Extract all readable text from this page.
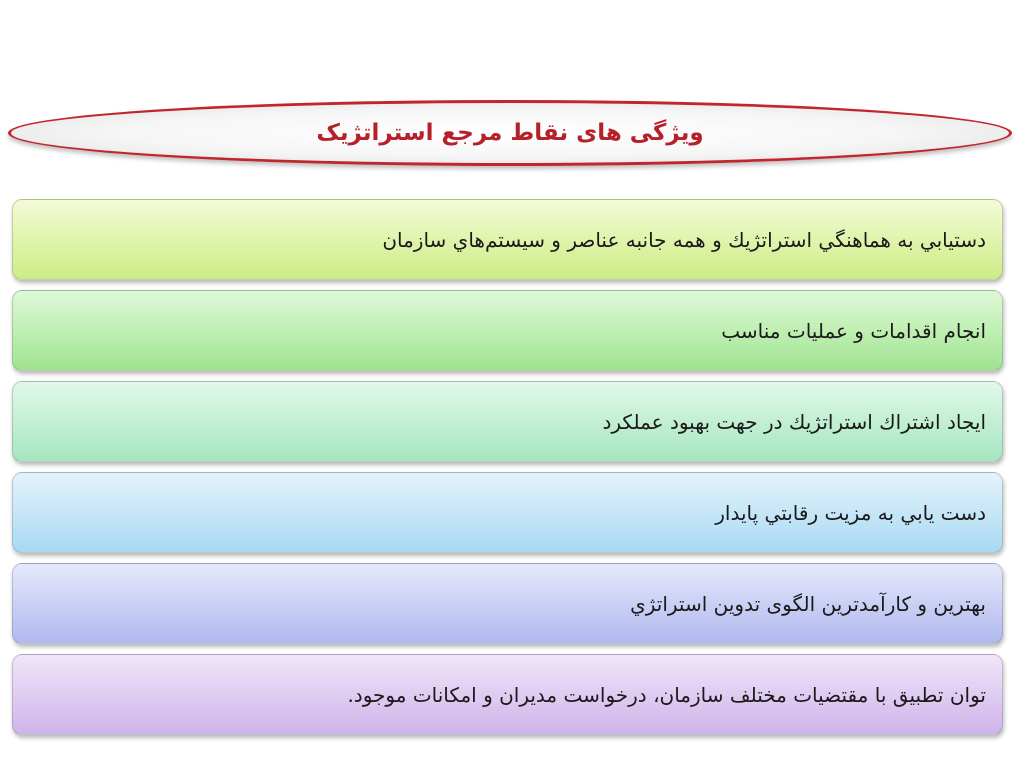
ویژگی های نقاط مرجع استراتژیک
دستيابي به هماهنگي استراتژيك و همه جانبه عناصر و سيستم‌هاي سازمان
انجام اقدامات و عمليات مناسب
ايجاد اشتراك استراتژيك در جهت بهبود عملكرد
دست يابي به مزيت رقابتي پايدار
بهترين و كارآمدترين الگوی تدوين استراتژي
توان تطبيق با مقتضيات مختلف سازمان، درخواست مديران و امكانات موجود.
